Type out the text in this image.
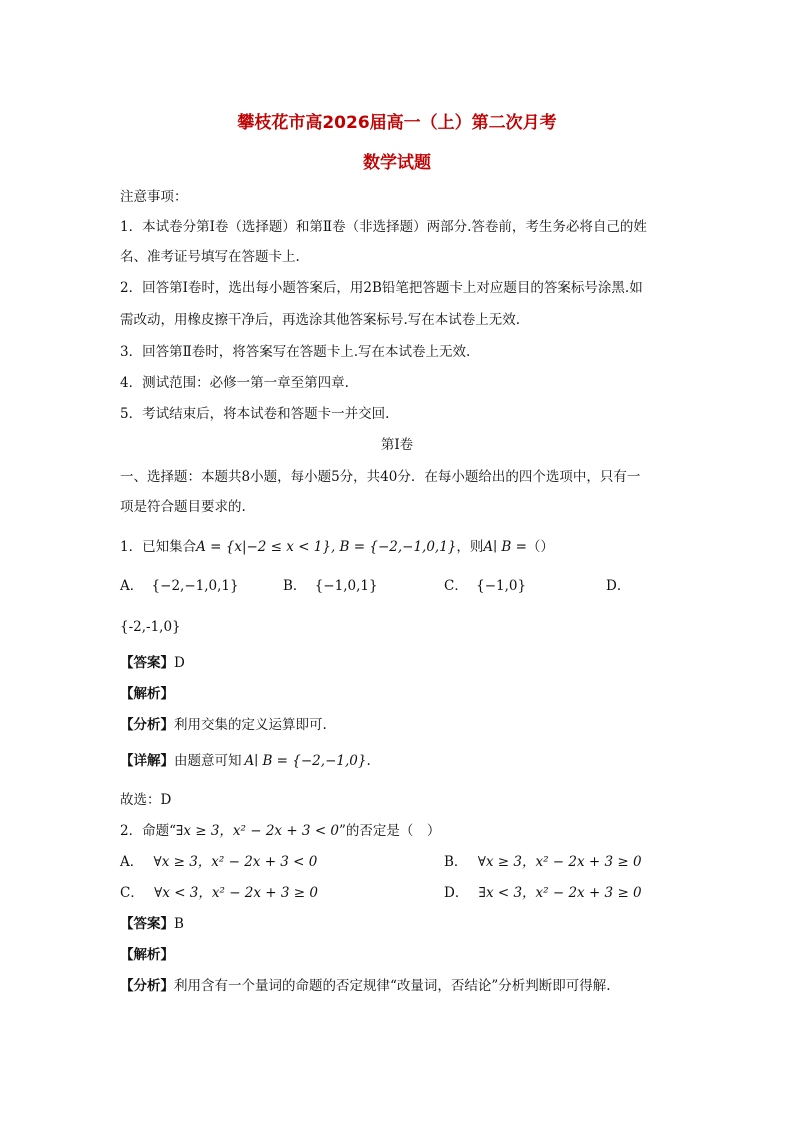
攀枝花市高2026届高一（上）第二次月考
数学试题
注意事项：
1．本试卷分第Ⅰ卷（选择题）和第Ⅱ卷（非选择题）两部分.答卷前，考生务必将自己的姓
名、准考证号填写在答题卡上.
2．回答第Ⅰ卷时，选出每小题答案后，用2B铅笔把答题卡上对应题目的答案标号涂黑.如
需改动，用橡皮擦干净后，再选涂其他答案标号.写在本试卷上无效.
3．回答第Ⅱ卷时，将答案写在答题卡上.写在本试卷上无效.
4．测试范围：必修一第一章至第四章.
5．考试结束后，将本试卷和答题卡一并交回.
第Ⅰ卷
一、选择题：本题共8小题，每小题5分，共40分．在每小题给出的四个选项中，只有一
项是符合题目要求的.
1．已知集合A = {x|−2 ≤ x < 1}, B = {−2,−1,0,1}，则A∣ B =（）
A． {−2,−1,0,1}	B． {−1,0,1}	C． {−1,0}	D．
{-2,-1,0}
【答案】D
【解析】
【分析】利用交集的定义运算即可.
【详解】由题意可知 A∣ B = {−2,−1,0}.
故选：D
2．命题“∃x ≥ 3，x² − 2x + 3 < 0”的否定是（　）
A． ∀x ≥ 3，x² − 2x + 3 < 0	B． ∀x ≥ 3，x² − 2x + 3 ≥ 0
C． ∀x < 3，x² − 2x + 3 ≥ 0	D． ∃x < 3，x² − 2x + 3 ≥ 0
【答案】B
【解析】
【分析】利用含有一个量词的命题的否定规律“改量词，否结论”分析判断即可得解.
